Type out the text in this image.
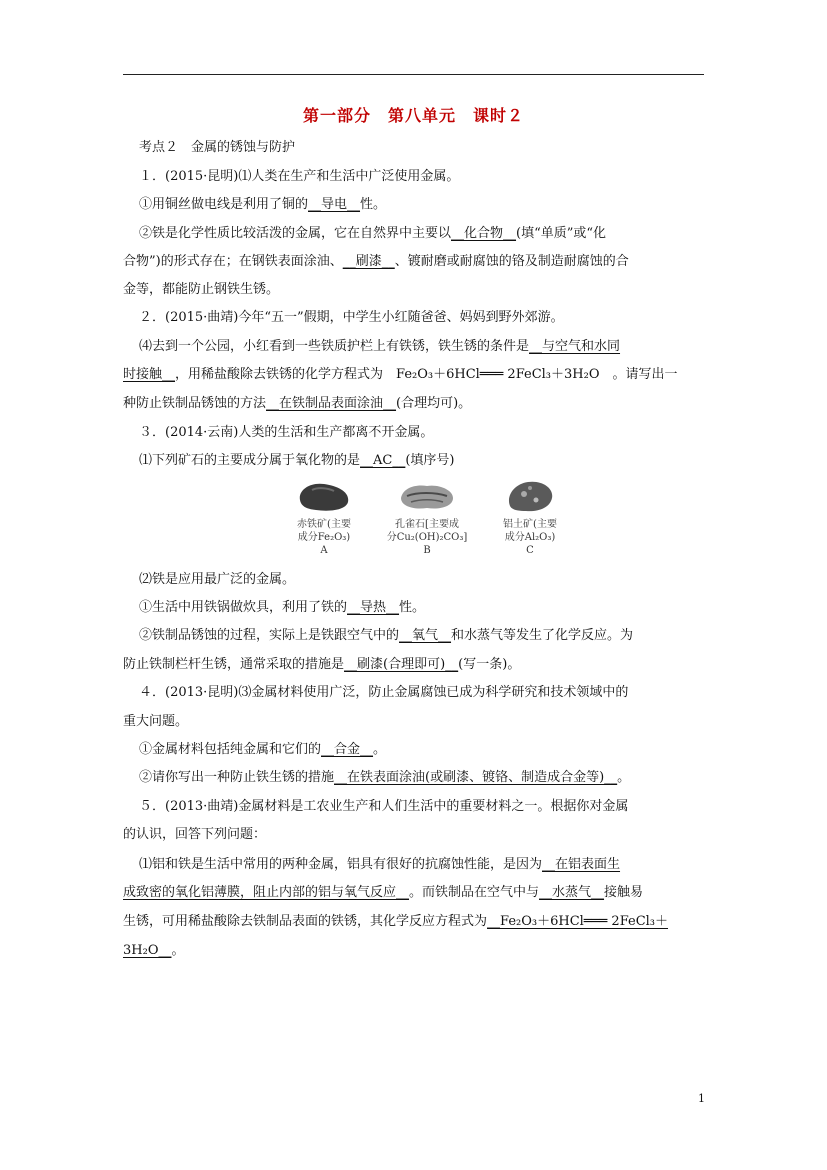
第一部分　第八单元　课时２
考点２　金属的锈蚀与防护
１．(2015·昆明)⑴人类在生产和生活中广泛使用金属。
①用铜丝做电线是利用了铜的__导电__性。
②铁是化学性质比较活泼的金属，它在自然界中主要以__化合物__(填“单质”或“化
合物”)的形式存在；在钢铁表面涂油、__刷漆__、镀耐磨或耐腐蚀的铬及制造耐腐蚀的合
金等，都能防止钢铁生锈。
２．(2015·曲靖)今年“五一”假期，中学生小红随爸爸、妈妈到野外郊游。
⑷去到一个公园，小红看到一些铁质护栏上有铁锈，铁生锈的条件是__与空气和水同
时接触__，用稀盐酸除去铁锈的化学方程式为　Fe₂O₃＋6HCl═══ 2FeCl₃＋3H₂O　。请写出一
种防止铁制品锈蚀的方法__在铁制品表面涂油__(合理均可)。
３．(2014·云南)人类的生活和生产都离不开金属。
⑴下列矿石的主要成分属于氧化物的是__AC__(填序号)
⑵铁是应用最广泛的金属。
①生活中用铁锅做炊具，利用了铁的__导热__性。
②铁制品锈蚀的过程，实际上是铁跟空气中的__氧气__和水蒸气等发生了化学反应。为
防止铁制栏杆生锈，通常采取的措施是__刷漆(合理即可)__(写一条)。
４．(2013·昆明)⑶金属材料使用广泛，防止金属腐蚀已成为科学研究和技术领域中的
重大问题。
①金属材料包括纯金属和它们的__合金__。
②请你写出一种防止铁生锈的措施__在铁表面涂油(或刷漆、镀铬、制造成合金等)__。
５．(2013·曲靖)金属材料是工农业生产和人们生活中的重要材料之一。根据你对金属
的认识，回答下列问题：
⑴铝和铁是生活中常用的两种金属，铝具有很好的抗腐蚀性能，是因为__在铝表面生
成致密的氧化铝薄膜，阻止内部的铝与氧气反应__。而铁制品在空气中与__水蒸气__接触易
生锈，可用稀盐酸除去铁制品表面的铁锈，其化学反应方程式为__Fe₂O₃＋6HCl═══ 2FeCl₃＋
3H₂O__。
赤铁矿(主要
成分Fe₂O₃)
A
孔雀石[主要成
分Cu₂(OH)₂CO₃]
B
铝土矿(主要
成分Al₂O₃)
C
1
